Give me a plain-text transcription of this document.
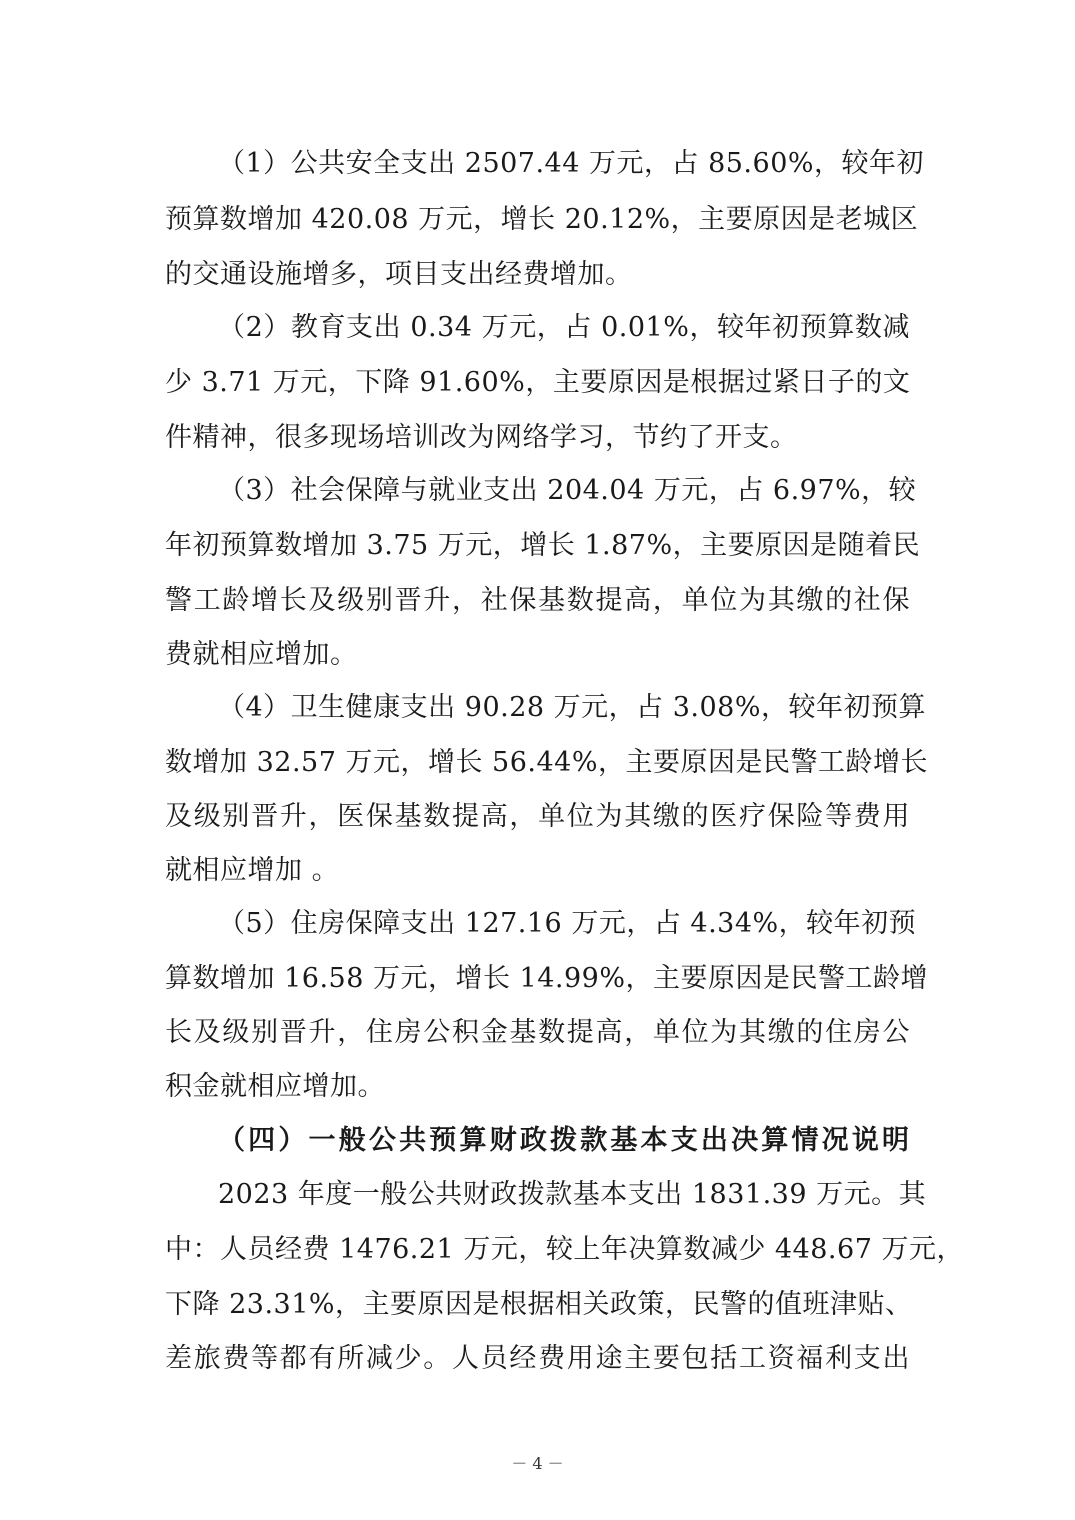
（1）公共安全支出 2507.44 万元，占 85.60%，较年初
预算数增加 420.08 万元，增长 20.12%，主要原因是老城区
的交通设施增多，项目支出经费增加。
（2）教育支出 0.34 万元，占 0.01%，较年初预算数减
少 3.71 万元，下降 91.60%，主要原因是根据过紧日子的文
件精神，很多现场培训改为网络学习，节约了开支。
（3）社会保障与就业支出 204.04 万元，占 6.97%，较
年初预算数增加 3.75 万元，增长 1.87%，主要原因是随着民
警工龄增长及级别晋升，社保基数提高，单位为其缴的社保
费就相应增加。
（4）卫生健康支出 90.28 万元，占 3.08%，较年初预算
数增加 32.57 万元，增长 56.44%，主要原因是民警工龄增长
及级别晋升，医保基数提高，单位为其缴的医疗保险等费用
就相应增加 。
（5）住房保障支出 127.16 万元，占 4.34%，较年初预
算数增加 16.58 万元，增长 14.99%，主要原因是民警工龄增
长及级别晋升，住房公积金基数提高，单位为其缴的住房公
积金就相应增加。
（四）一般公共预算财政拨款基本支出决算情况说明
2023 年度一般公共财政拨款基本支出 1831.39 万元。其
中：人员经费 1476.21 万元，较上年决算数减少 448.67 万元，
下降 23.31%，主要原因是根据相关政策，民警的值班津贴、
差旅费等都有所减少。人员经费用途主要包括工资福利支出
－ 4 －
